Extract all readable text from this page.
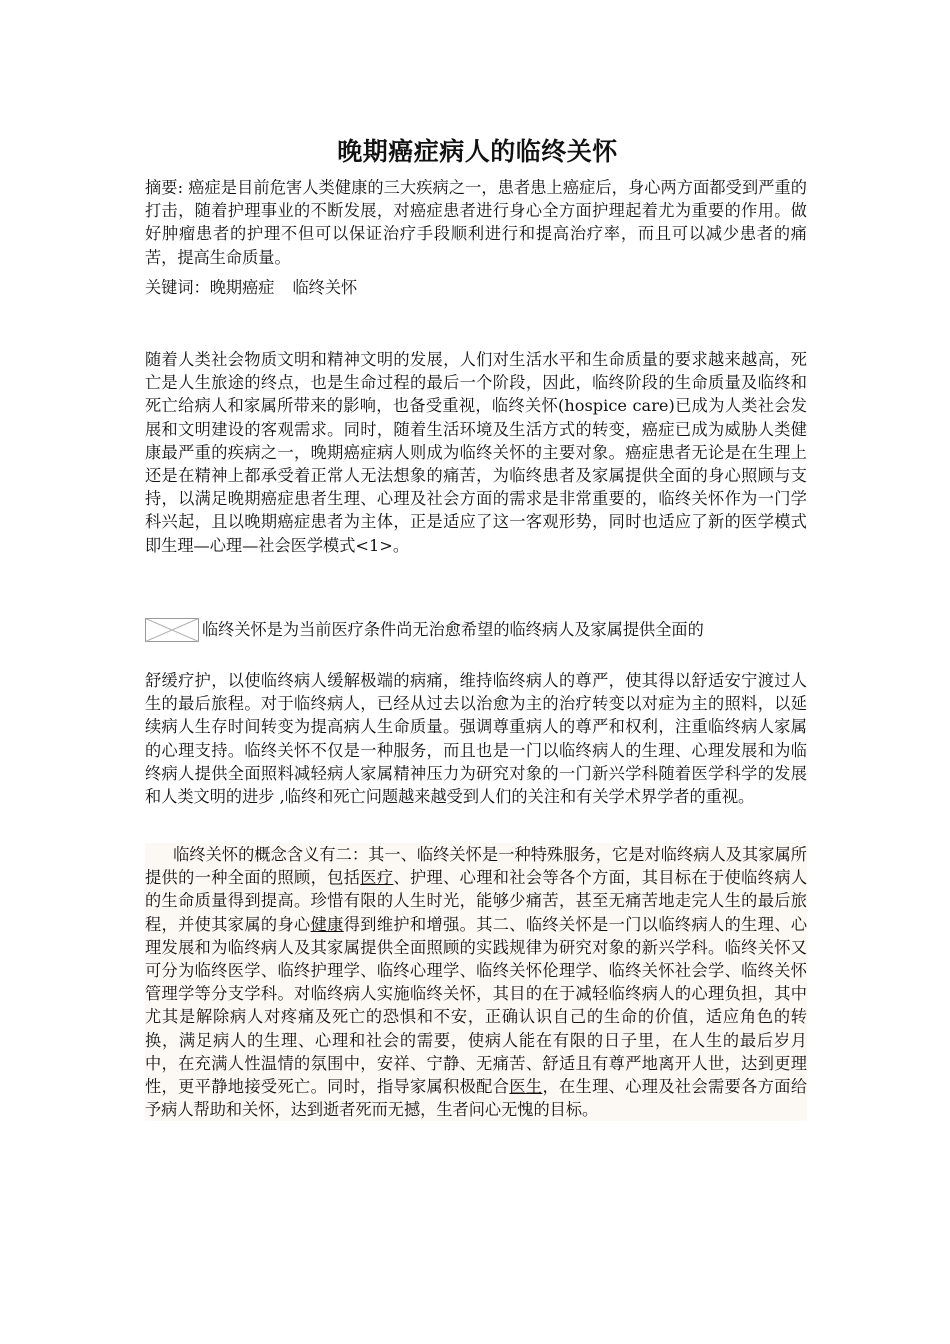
晚期癌症病人的临终关怀

摘要: 癌症是目前危害人类健康的三大疾病之一，患者患上癌症后，身心两方面都受到严重的打击，随着护理事业的不断发展，对癌症患者进行身心全方面护理起着尤为重要的作用。做好肿瘤患者的护理不但可以保证治疗手段顺利进行和提高治疗率，而且可以减少患者的痛苦，提高生命质量。

关键词：晚期癌症 临终关怀

随着人类社会物质文明和精神文明的发展，人们对生活水平和生命质量的要求越来越高，死亡是人生旅途的终点，也是生命过程的最后一个阶段，因此，临终阶段的生命质量及临终和死亡给病人和家属所带来的影响，也备受重视，临终关怀(hospice care)已成为人类社会发展和文明建设的客观需求。同时，随着生活环境及生活方式的转变，癌症已成为威胁人类健康最严重的疾病之一，晚期癌症病人则成为临终关怀的主要对象。癌症患者无论是在生理上还是在精神上都承受着正常人无法想象的痛苦，为临终患者及家属提供全面的身心照顾与支持，以满足晚期癌症患者生理、心理及社会方面的需求是非常重要的，临终关怀作为一门学科兴起，且以晚期癌症患者为主体，正是适应了这一客观形势，同时也适应了新的医学模式即生理—心理—社会医学模式<1>。

临终关怀是为当前医疗条件尚无治愈希望的临终病人及家属提供全面的

舒缓疗护，以使临终病人缓解极端的病痛，维持临终病人的尊严，使其得以舒适安宁渡过人生的最后旅程。对于临终病人，已经从过去以治愈为主的治疗转变以对症为主的照料，以延续病人生存时间转变为提高病人生命质量。强调尊重病人的尊严和权利，注重临终病人家属的心理支持。临终关怀不仅是一种服务，而且也是一门以临终病人的生理、心理发展和为临终病人提供全面照料减轻病人家属精神压力为研究对象的一门新兴学科随着医学科学的发展和人类文明的进步 ,临终和死亡问题越来越受到人们的关注和有关学术界学者的重视。

临终关怀的概念含义有二：其一、临终关怀是一种特殊服务，它是对临终病人及其家属所提供的一种全面的照顾，包括医疗、护理、心理和社会等各个方面，其目标在于使临终病人的生命质量得到提高。珍惜有限的人生时光，能够少痛苦，甚至无痛苦地走完人生的最后旅程，并使其家属的身心健康得到维护和增强。其二、临终关怀是一门以临终病人的生理、心理发展和为临终病人及其家属提供全面照顾的实践规律为研究对象的新兴学科。临终关怀又可分为临终医学、临终护理学、临终心理学、临终关怀伦理学、临终关怀社会学、临终关怀管理学等分支学科。对临终病人实施临终关怀，其目的在于减轻临终病人的心理负担，其中尤其是解除病人对疼痛及死亡的恐惧和不安，正确认识自己的生命的价值，适应角色的转换，满足病人的生理、心理和社会的需要，使病人能在有限的日子里，在人生的最后岁月中，在充满人性温情的氛围中，安祥、宁静、无痛苦、舒适且有尊严地离开人世，达到更理性，更平静地接受死亡。同时，指导家属积极配合医生，在生理、心理及社会需要各方面给予病人帮助和关怀，达到逝者死而无撼，生者问心无愧的目标。
